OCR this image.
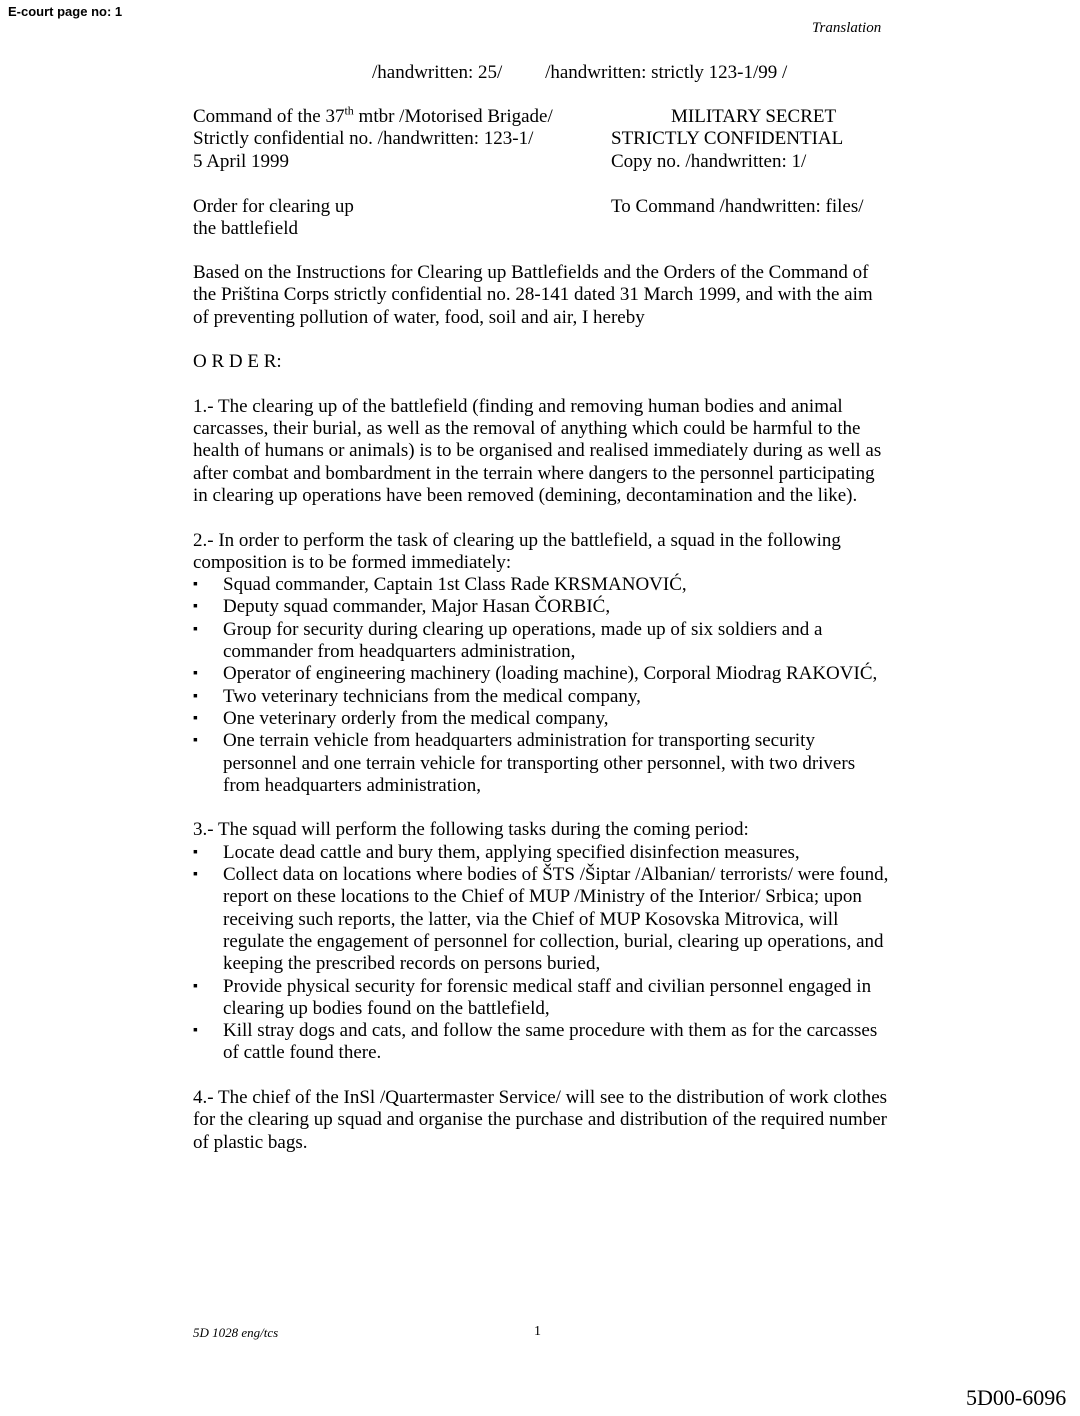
E-court page no: 1
Translation
/handwritten: 25/         /handwritten: strictly 123-1/99 /
Command of the 37th mtbr /Motorised Brigade/
Strictly confidential no. /handwritten: 123-1/
5 April 1999
MILITARY SECRET
STRICTLY CONFIDENTIAL
Copy no. /handwritten: 1/
Order for clearing up
the battlefield
To Command /handwritten: files/

Based on the Instructions for Clearing up Battlefields and the Orders of the Command of the Priština Corps strictly confidential no. 28-141 dated 31 March 1999, and with the aim of preventing pollution of water, food, soil and air, I hereby

O R D E R:

1.- The clearing up of the battlefield (finding and removing human bodies and animal carcasses, their burial, as well as the removal of anything which could be harmful to the health of humans or animals) is to be organised and realised immediately during as well as after combat and bombardment in the terrain where dangers to the personnel participating in clearing up operations have been removed (demining, decontamination and the like).

2.- In order to perform the task of clearing up the battlefield, a squad in the following composition is to be formed immediately:
▪ Squad commander, Captain 1st Class Rade KRSMANOVIĆ,
▪ Deputy squad commander, Major Hasan ČORBIĆ,
▪ Group for security during clearing up operations, made up of six soldiers and a commander from headquarters administration,
▪ Operator of engineering machinery (loading machine), Corporal Miodrag RAKOVIĆ,
▪ Two veterinary technicians from the medical company,
▪ One veterinary orderly from the medical company,
▪ One terrain vehicle from headquarters administration for transporting security personnel and one terrain vehicle for transporting other personnel, with two drivers from headquarters administration,
3.- The squad will perform the following tasks during the coming period:
▪ Locate dead cattle and bury them, applying specified disinfection measures,
▪ Collect data on locations where bodies of ŠTS /Šiptar /Albanian/ terrorists/ were found, report on these locations to the Chief of MUP /Ministry of the Interior/ Srbica; upon receiving such reports, the latter, via the Chief of MUP Kosovska Mitrovica, will regulate the engagement of personnel for collection, burial, clearing up operations, and keeping the prescribed records on persons buried,
▪ Provide physical security for forensic medical staff and civilian personnel engaged in clearing up bodies found on the battlefield,
▪ Kill stray dogs and cats, and follow the same procedure with them as for the carcasses of cattle found there.

4.- The chief of the InSl /Quartermaster Service/ will see to the distribution of work clothes for the clearing up squad and organise the purchase and distribution of the required number of plastic bags.

5D 1028 eng/tcs	1
5D00-6096
